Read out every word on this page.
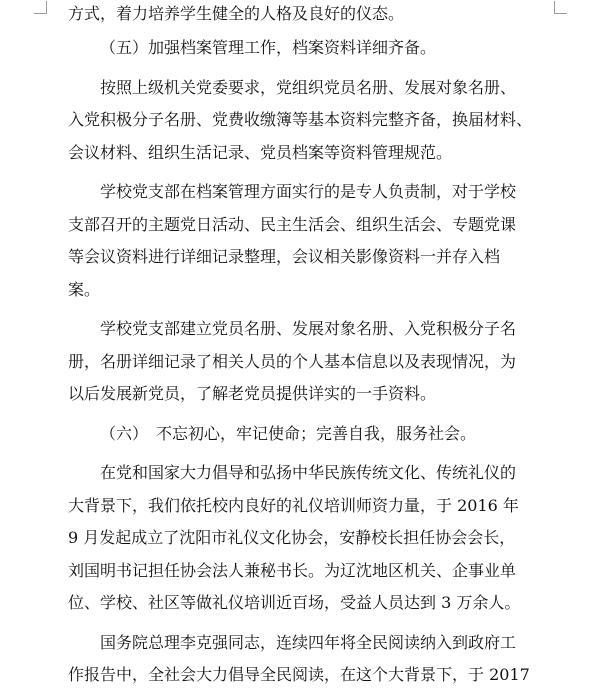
方式，着力培养学生健全的人格及良好的仪态。
（五）加强档案管理工作，档案资料详细齐备。
按照上级机关党委要求，党组织党员名册、发展对象名册、
入党积极分子名册、党费收缴簿等基本资料完整齐备，换届材料、
会议材料、组织生活记录、党员档案等资料管理规范。
学校党支部在档案管理方面实行的是专人负责制，对于学校
支部召开的主题党日活动、民主生活会、组织生活会、专题党课
等会议资料进行详细记录整理，会议相关影像资料一并存入档
案。
学校党支部建立党员名册、发展对象名册、入党积极分子名
册，名册详细记录了相关人员的个人基本信息以及表现情况，为
以后发展新党员，了解老党员提供详实的一手资料。
（六）　不忘初心，牢记使命；完善自我，服务社会。
在党和国家大力倡导和弘扬中华民族传统文化、传统礼仪的
大背景下，我们依托校内良好的礼仪培训师资力量，于 2016 年
9 月发起成立了沈阳市礼仪文化协会，安静校长担任协会会长，
刘国明书记担任协会法人兼秘书长。为辽沈地区机关、企事业单
位、学校、社区等做礼仪培训近百场，受益人员达到 3 万余人。
国务院总理李克强同志，连续四年将全民阅读纳入到政府工
作报告中，全社会大力倡导全民阅读，在这个大背景下，于 2017
